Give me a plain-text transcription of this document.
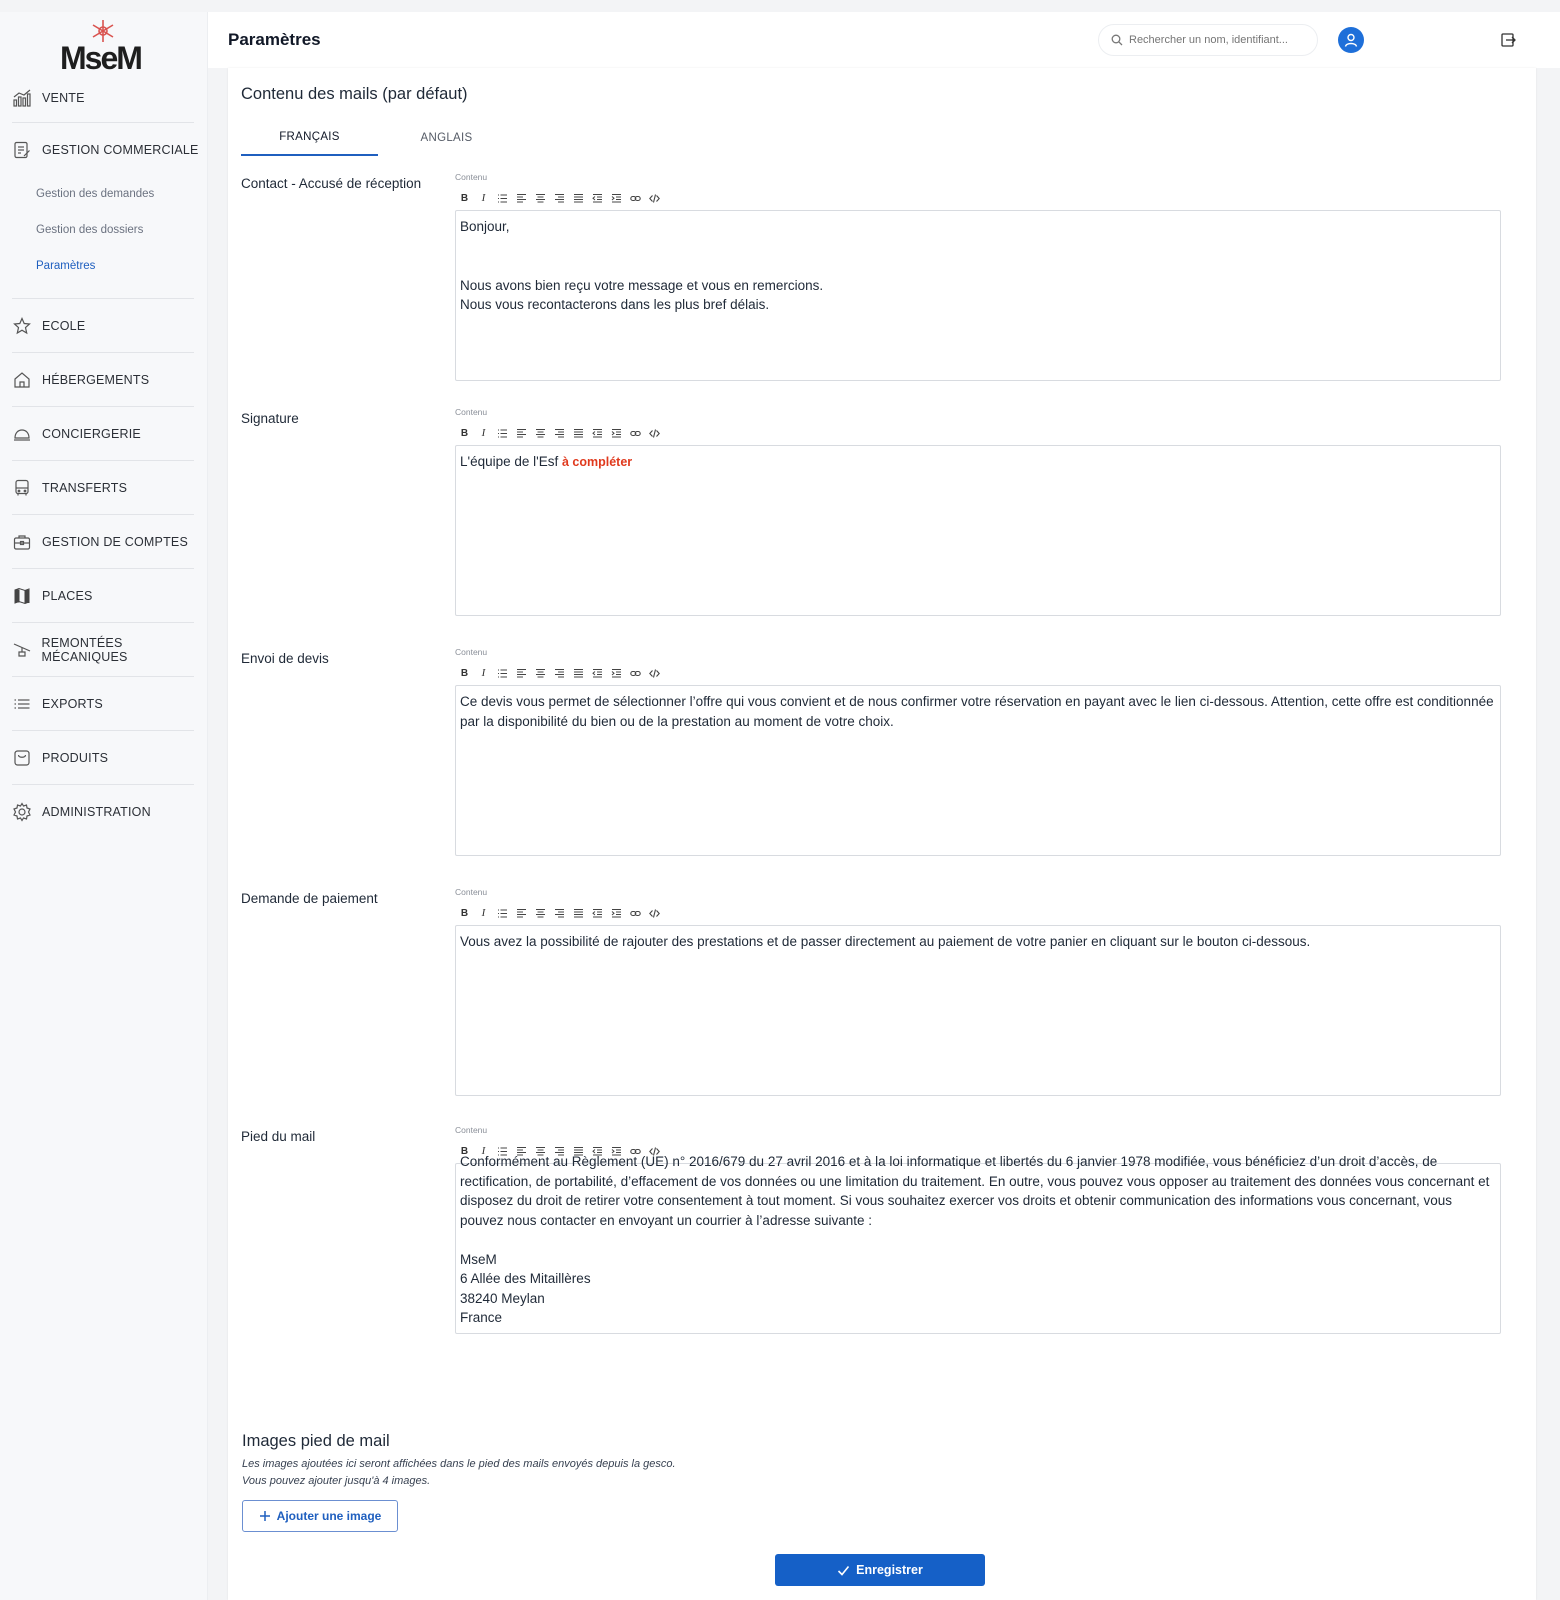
MseM
VENTE
GESTION COMMERCIALE
Gestion des demandes
Gestion des dossiers
Paramètres
ECOLE
HÉBERGEMENTS
CONCIERGERIE
TRANSFERTS
GESTION DE COMPTES
PLACES
REMONTÉES MÉCANIQUES
EXPORTS
PRODUITS
ADMINISTRATION
Paramètres
Rechercher un nom, identifiant...
Contenu des mails (par défaut)
FRANÇAIS	ANGLAIS
Contact - Accusé de réception	Contenu
B	I

Bonjour,

Nous avons bien reçu votre message et vous en remercions.

Nous vous recontacterons dans les plus bref délais.

Signature	Contenu
B	I

L'équipe de l'Esf à compléter

Envoi de devis	Contenu
B	I

Ce devis vous permet de sélectionner l’offre qui vous convient et de nous confirmer votre réservation en payant avec le lien ci-dessous. Attention, cette offre est conditionnée par la disponibilité du bien ou de la prestation au moment de votre choix.

Demande de paiement	Contenu
B	I

Vous avez la possibilité de rajouter des prestations et de passer directement au paiement de votre panier en cliquant sur le bouton ci-dessous.

Pied du mail	Contenu
B	I

Conformément au Règlement (UE) n° 2016/679 du 27 avril 2016 et à la loi informatique et libertés du 6 janvier 1978 modifiée, vous bénéficiez d’un droit d’accès, de

rectification, de portabilité, d’effacement de vos données ou une limitation du traitement. En outre, vous pouvez vous opposer au traitement des données vous concernant et disposez du droit de retirer votre consentement à tout moment. Si vous souhaitez exercer vos droits et obtenir communication des informations vous concernant, vous pouvez nous contacter en envoyant un courrier à l’adresse suivante :

MseM

6 Allée des Mitaillères

38240 Meylan

France

Images pied de mail
Les images ajoutées ici seront affichées dans le pied des mails envoyés depuis la gesco.
Vous pouvez ajouter jusqu'à 4 images.
Ajouter une image
Enregistrer
